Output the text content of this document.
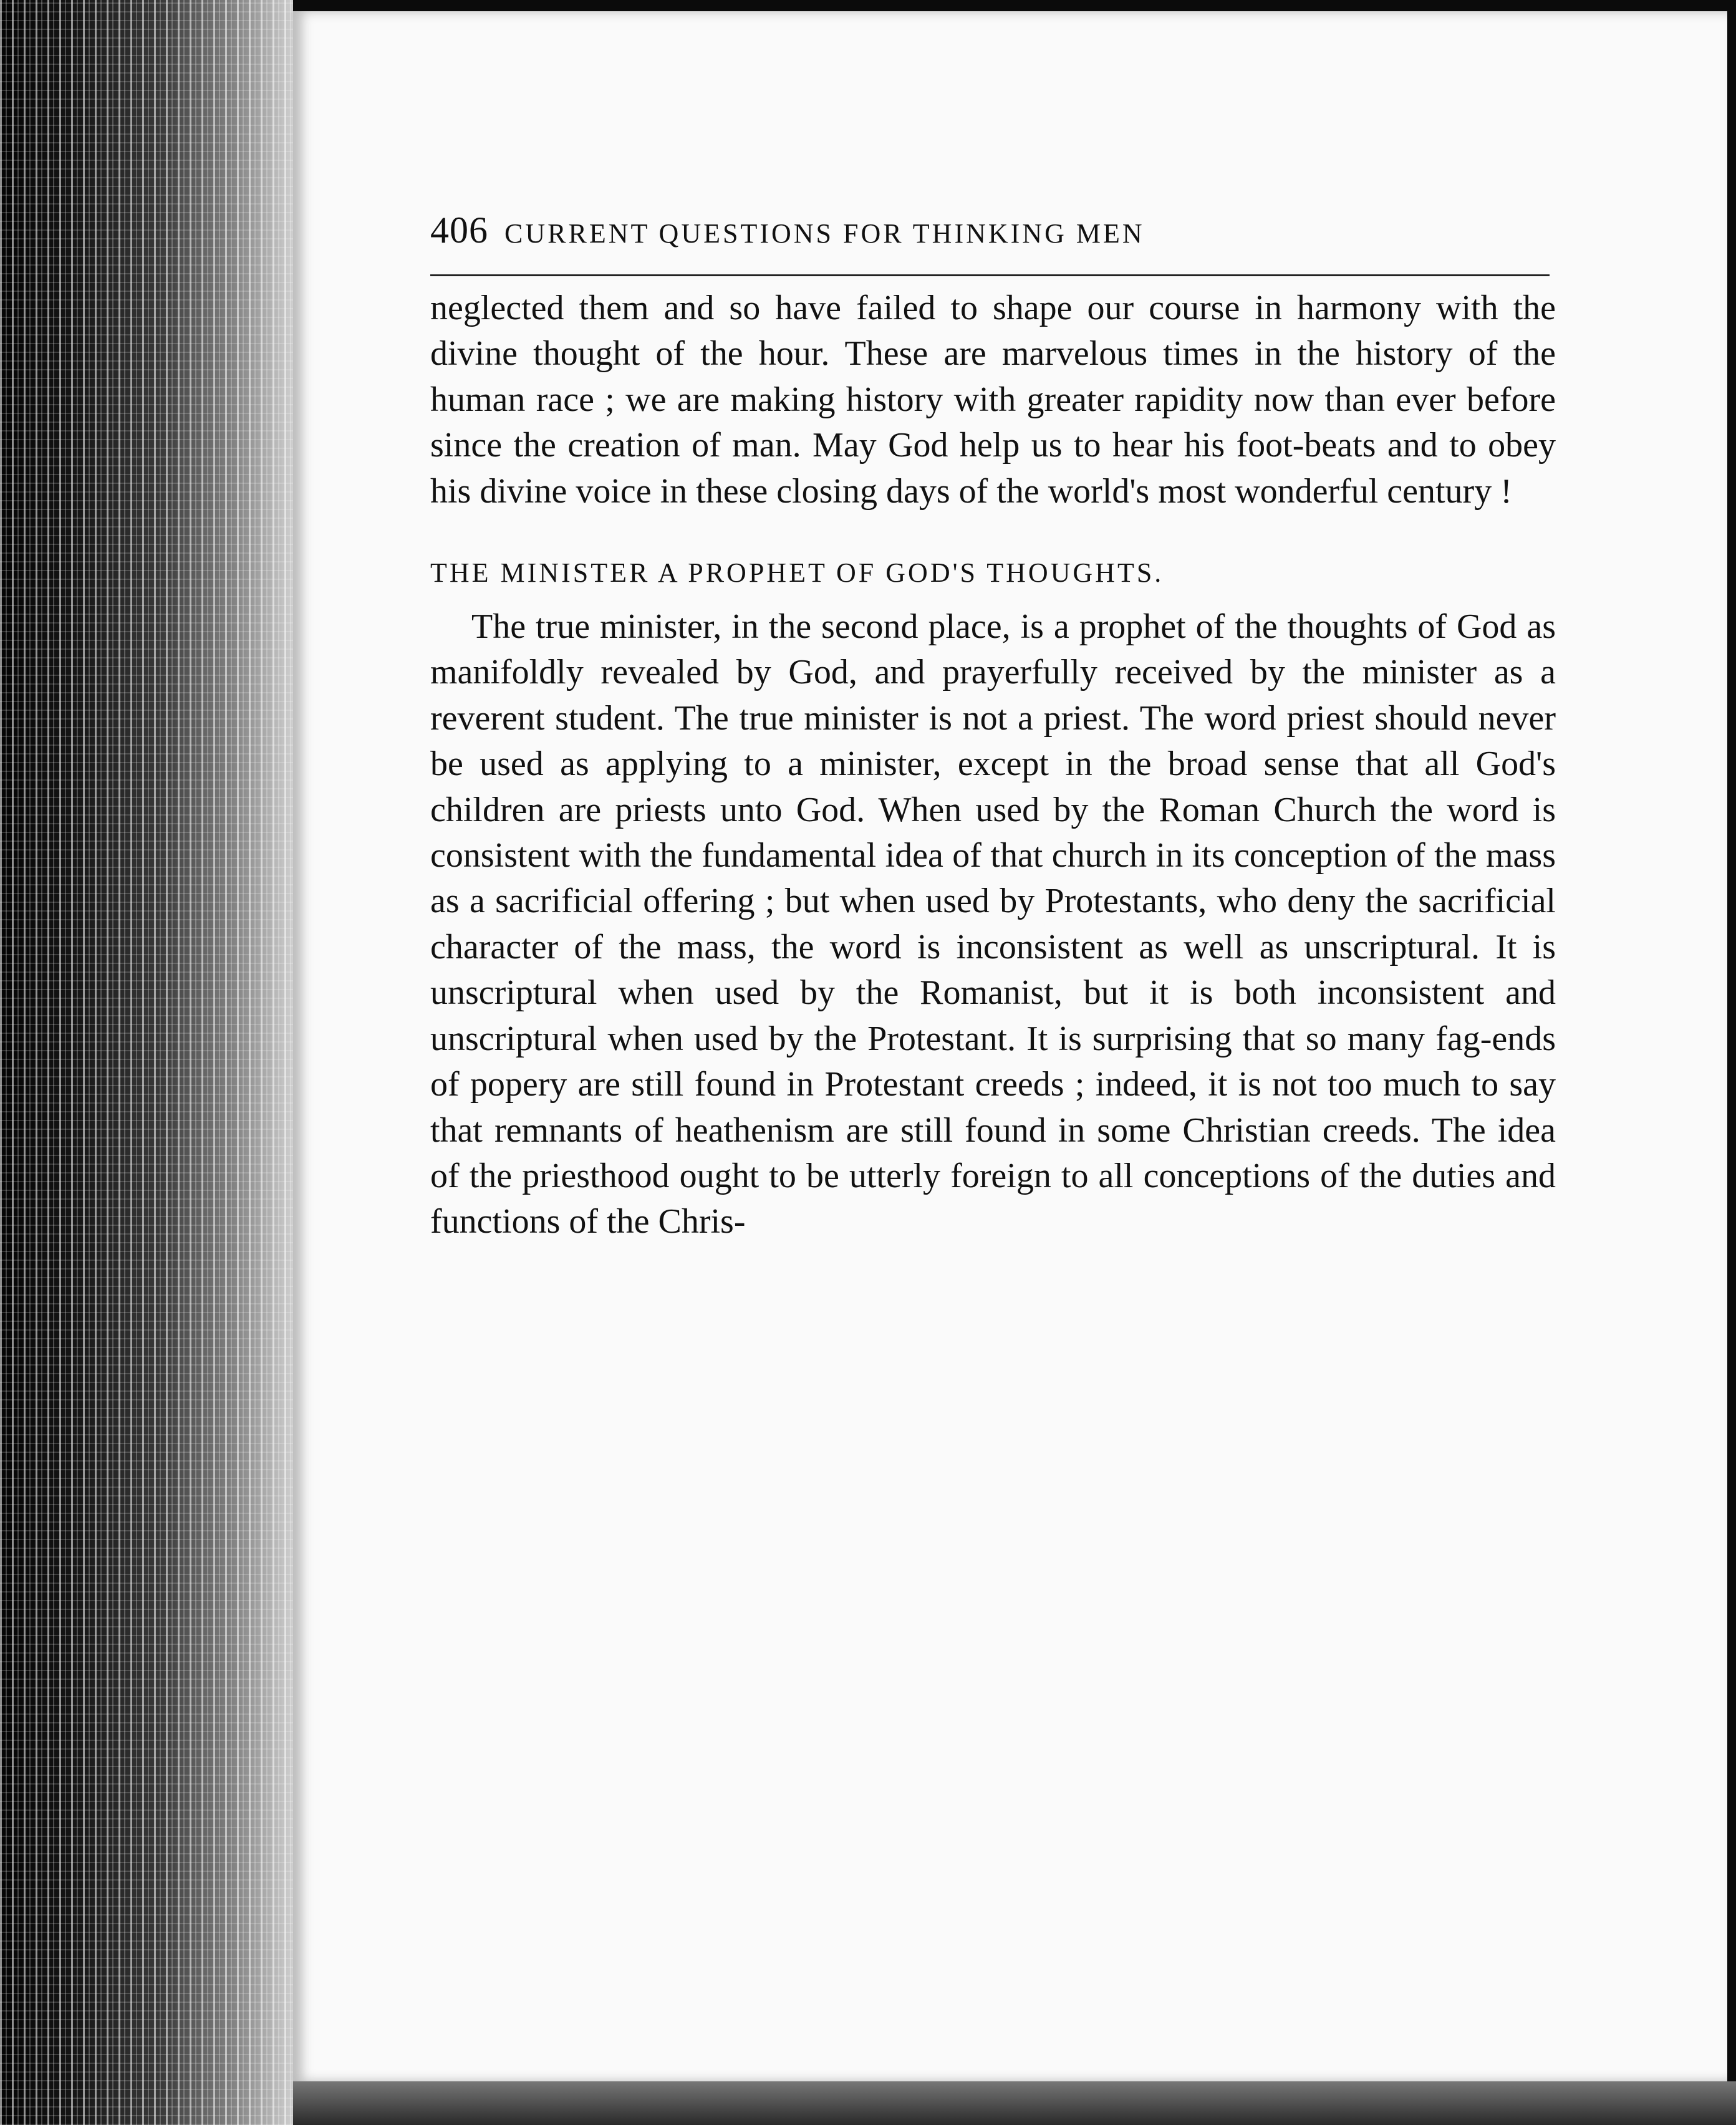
406 CURRENT QUESTIONS FOR THINKING MEN

neglected them and so have failed to shape our course in harmony with the divine thought of the hour. These are marvelous times in the history of the human race ; we are making history with greater rapidity now than ever before since the creation of man. May God help us to hear his foot-beats and to obey his divine voice in these closing days of the world's most wonderful century !

THE MINISTER A PROPHET OF GOD'S THOUGHTS.

The true minister, in the second place, is a prophet of the thoughts of God as manifoldly revealed by God, and prayerfully received by the minister as a reverent student. The true minister is not a priest. The word priest should never be used as applying to a minister, except in the broad sense that all God's children are priests unto God. When used by the Roman Church the word is consistent with the fundamental idea of that church in its conception of the mass as a sacrificial offering ; but when used by Protestants, who deny the sacrificial character of the mass, the word is inconsistent as well as unscriptural. It is unscriptural when used by the Romanist, but it is both inconsistent and unscriptural when used by the Protestant. It is surprising that so many fag-ends of popery are still found in Protestant creeds ; indeed, it is not too much to say that remnants of heathenism are still found in some Christian creeds. The idea of the priesthood ought to be utterly foreign to all conceptions of the duties and functions of the Chris-
